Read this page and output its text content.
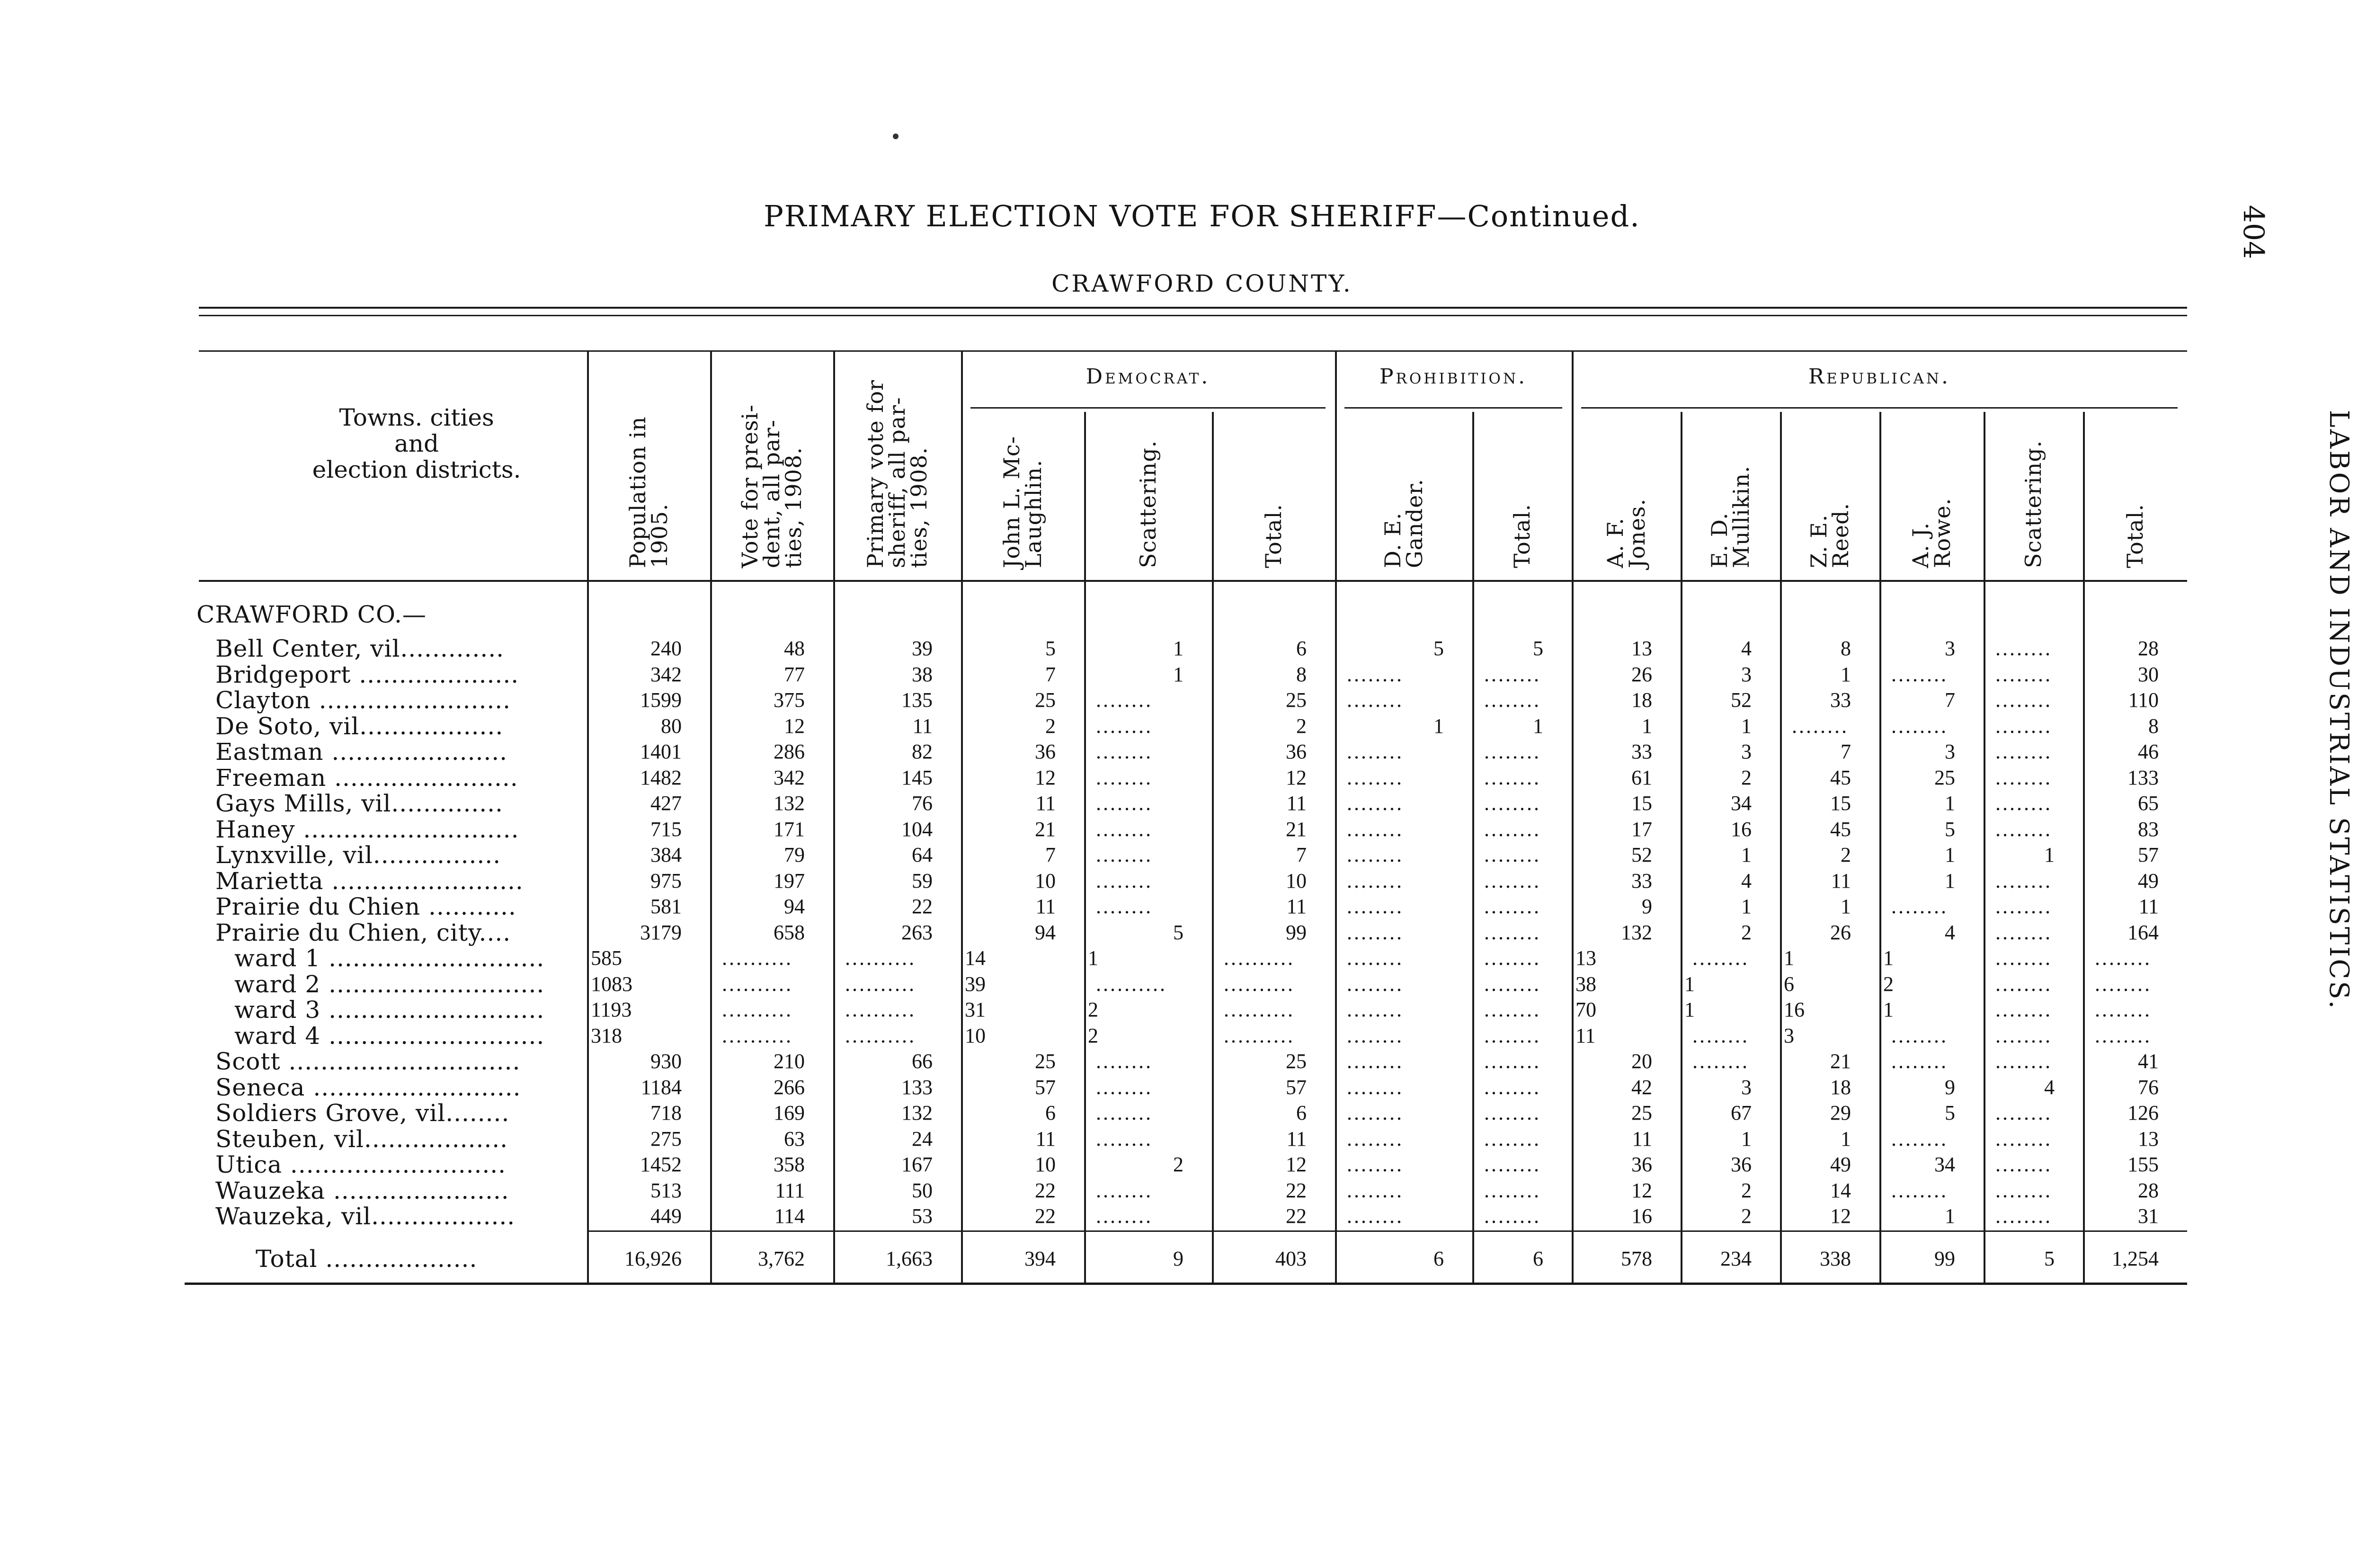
PRIMARY ELECTION VOTE FOR SHERIFF—Continued.
CRAWFORD COUNTY.
404
LABOR AND INDUSTRIAL STATISTICS.
Towns. cities
and
election districts.
Democrat.	Prohibition.	Republican.
Population in
1905.	Vote for presi-
dent, all par-
ties, 1908.	Primary vote for
sheriff, all par-
ties, 1908.
John L. Mc-
Laughlin.	Scattering.	Total.	D. E.
Gander.	Total.	A. F.
Jones.	E. D.
Mullikin.	Z. E.
Reed.	A. J.
Rowe.	Scattering.	Total.
CRAWFORD CO.—
Bell Center, vil.............	240	48	39	5	1	6	5	5	13	4	8	3	........	28
Bridgeport ....................	342	77	38	7	1	8	........	........	26	3	1	........	........	30
Clayton ........................	1599	375	135	25	........	25	........	........	18	52	33	7	........	110
De Soto, vil..................	80	12	11	2	........	2	1	1	1	1	........	........	........	8
Eastman ......................	1401	286	82	36	........	36	........	........	33	3	7	3	........	46
Freeman .......................	1482	342	145	12	........	12	........	........	61	2	45	25	........	133
Gays Mills, vil..............	427	132	76	11	........	11	........	........	15	34	15	1	........	65
Haney ...........................	715	171	104	21	........	21	........	........	17	16	45	5	........	83
Lynxville, vil................	384	79	64	7	........	7	........	........	52	1	2	1	1	57
Marietta ........................	975	197	59	10	........	10	........	........	33	4	11	1	........	49
Prairie du Chien ...........	581	94	22	11	........	11	........	........	9	1	1	........	........	11
Prairie du Chien, city....	3179	658	263	94	5	99	........	........	132	2	26	4	........	164
ward 1 ...........................	585	..........	..........	14	1	..........	........	........	13	........	1	1	........	........
ward 2 ...........................	1083	..........	..........	39	..........	..........	........	........	38	1	6	2	........	........
ward 3 ...........................	1193	..........	..........	31	2	..........	........	........	70	1	16	1	........	........
ward 4 ...........................	318	..........	..........	10	2	..........	........	........	11	........	3	........	........	........
Scott .............................	930	210	66	25	........	25	........	........	20	........	21	........	........	41
Seneca ..........................	1184	266	133	57	........	57	........	........	42	3	18	9	4	76
Soldiers Grove, vil........	718	169	132	6	........	6	........	........	25	67	29	5	........	126
Steuben, vil..................	275	63	24	11	........	11	........	........	11	1	1	........	........	13
Utica ...........................	1452	358	167	10	2	12	........	........	36	36	49	34	........	155
Wauzeka ......................	513	111	50	22	........	22	........	........	12	2	14	........	........	28
Wauzeka, vil..................	449	114	53	22	........	22	........	........	16	2	12	1	........	31
Total ...................	16,926	3,762	1,663	394	9	403	6	6	578	234	338	99	5	1,254
